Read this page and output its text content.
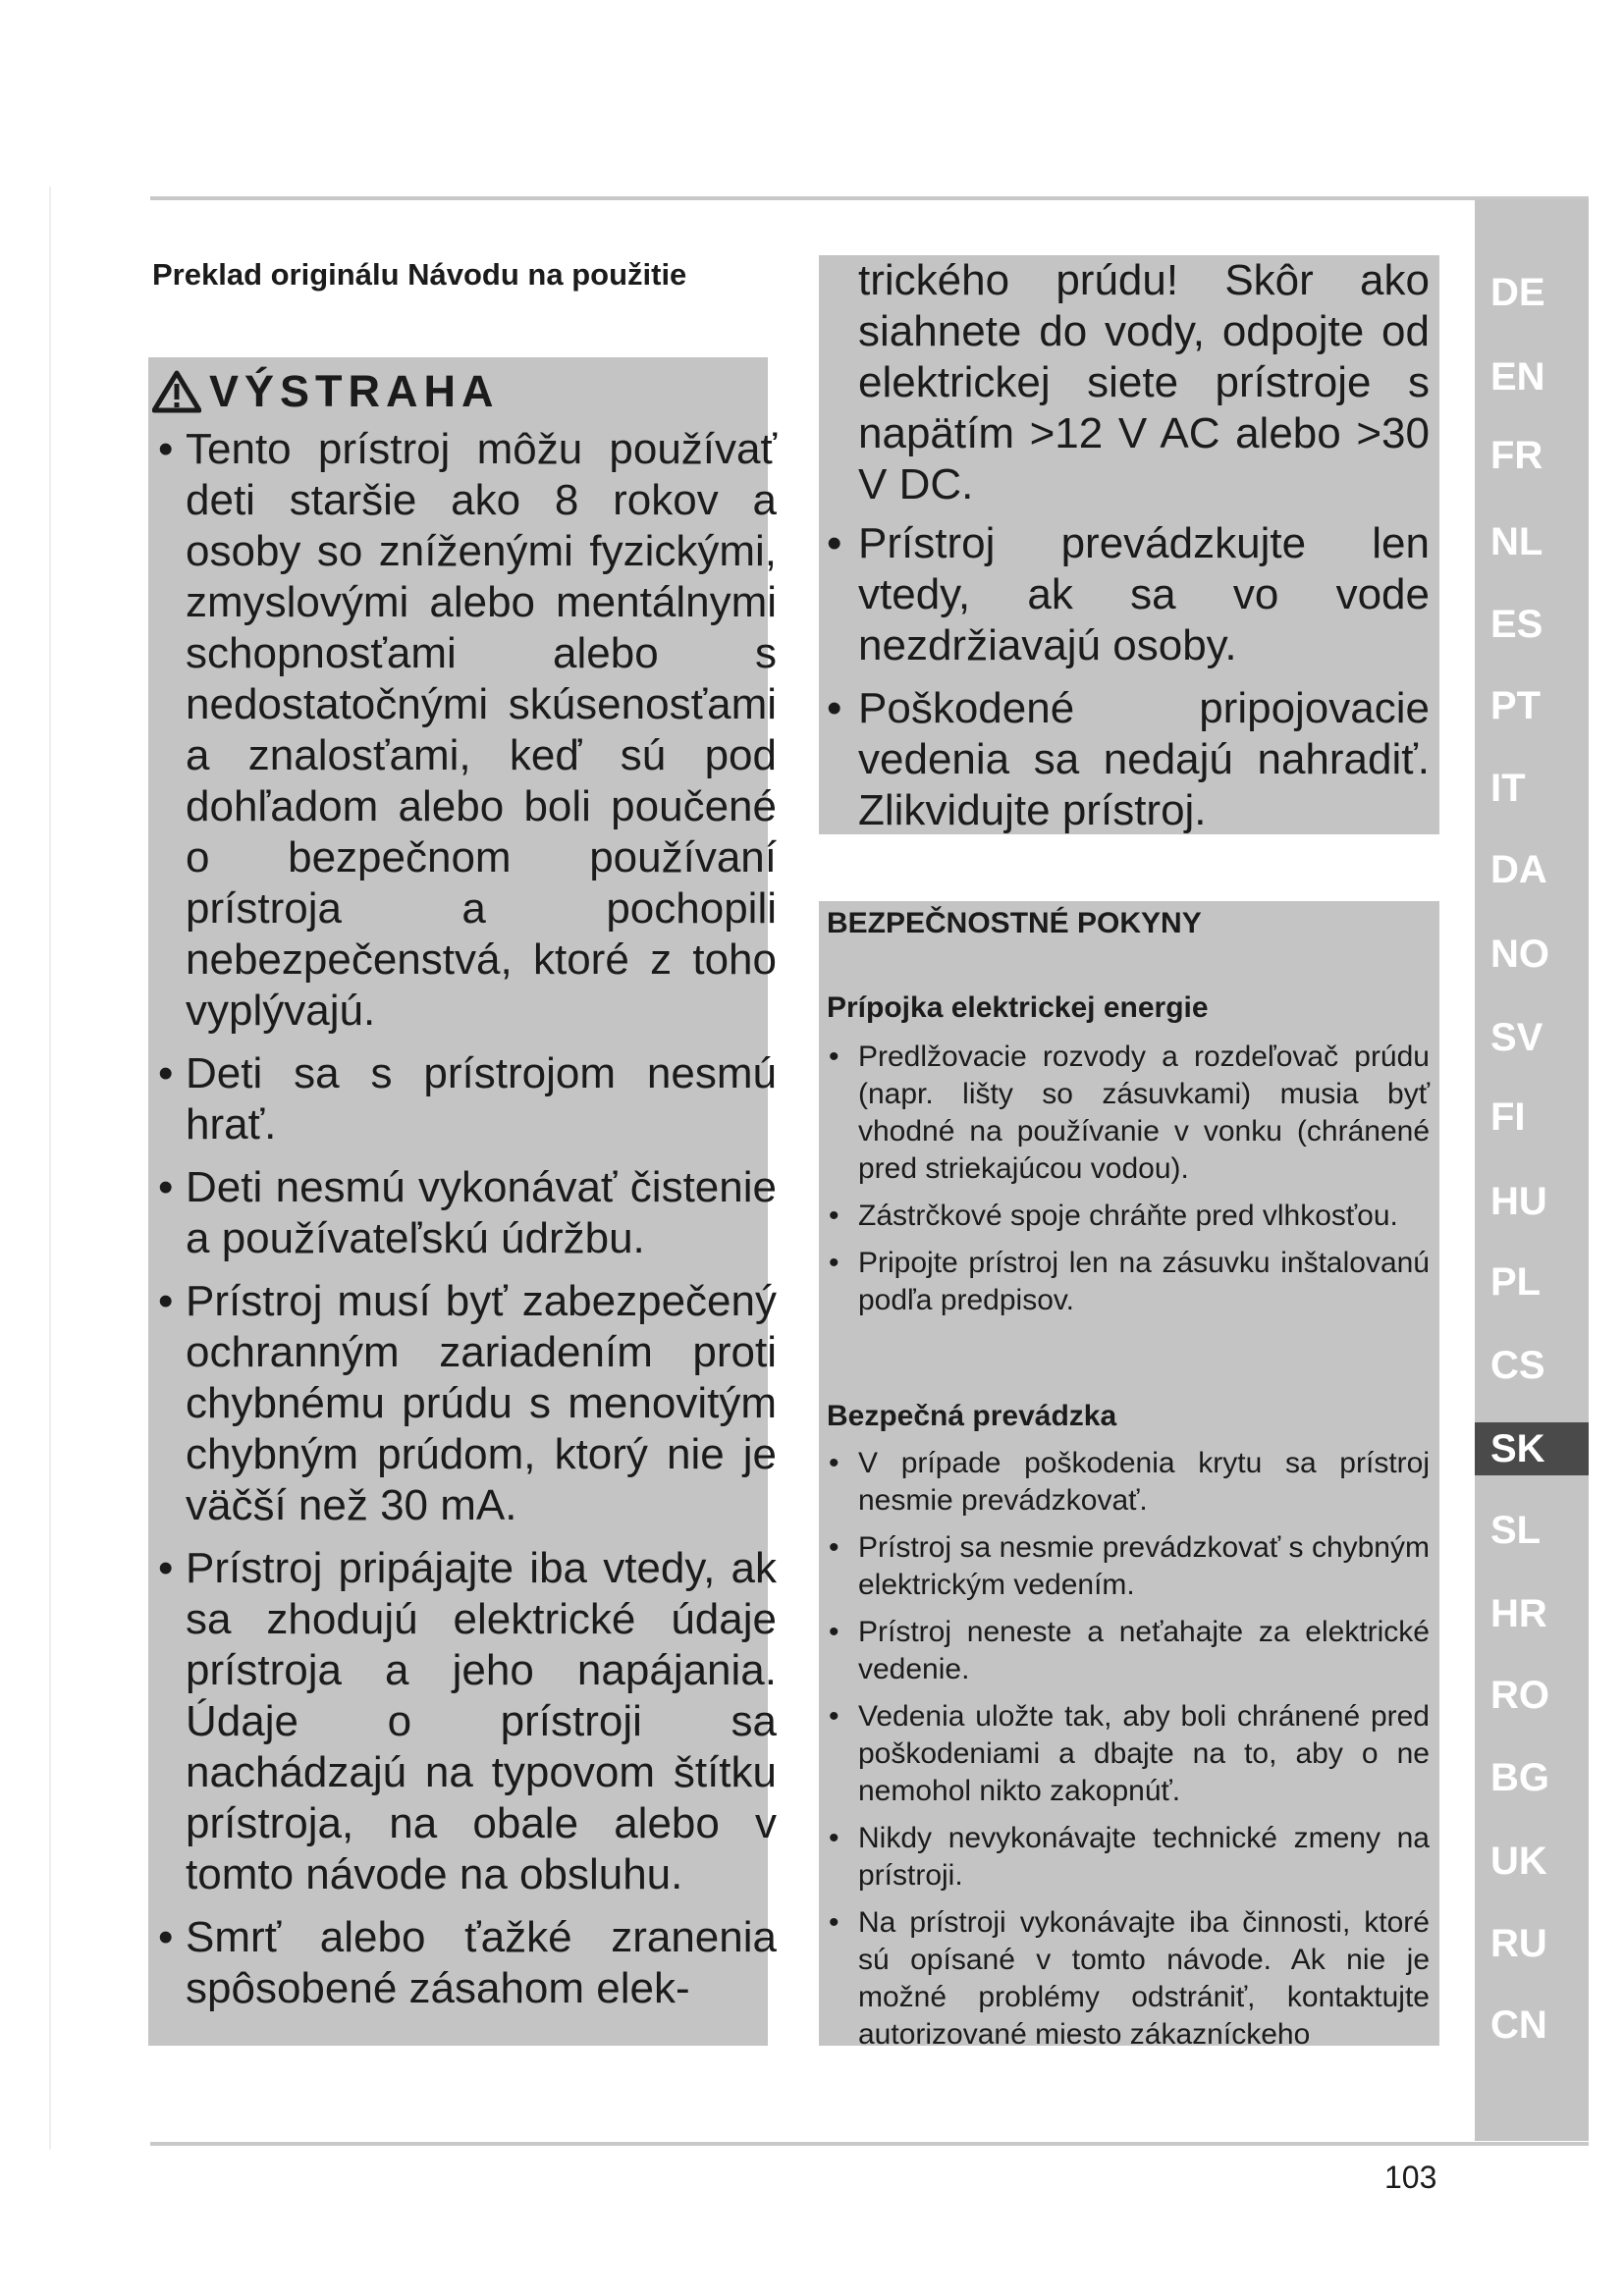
Preklad originálu Návodu na použitie
VÝSTRAHA
• Tento prístroj môžu používať deti staršie ako 8 rokov a osoby so zníženými fyzickými, zmyslovými alebo mentálnymi schopnosťami alebo s nedostatočnými skúsenosťami a znalosťami, keď sú pod dohľadom alebo boli poučené o bezpečnom používaní prístroja a pochopili nebezpečenstvá, ktoré z toho vyplývajú.
• Deti sa s prístrojom nesmú hrať.
• Deti nesmú vykonávať čistenie a používateľskú údržbu.
• Prístroj musí byť zabezpečený ochranným zariadením proti chybnému prúdu s menovitým chybným prúdom, ktorý nie je väčší než 30 mA.
• Prístroj pripájajte iba vtedy, ak sa zhodujú elektrické údaje prístroja a jeho napájania. Údaje o prístroji sa nachádzajú na typovom štítku prístroja, na obale alebo v tomto návode na obsluhu.
• Smrť alebo ťažké zranenia spôsobené zásahom elek-
trického prúdu! Skôr ako siahnete do vody, odpojte od elektrickej siete prístroje s napätím >12 V AC alebo >30 V DC.
• Prístroj prevádzkujte len vtedy, ak sa vo vode nezdržiavajú osoby.
• Poškodené pripojovacie vedenia sa nedajú nahradiť. Zlikvidujte prístroj.
BEZPEČNOSTNÉ POKYNY
Prípojka elektrickej energie
• Predlžovacie rozvody a rozdeľovač prúdu (napr. lišty so zásuvkami) musia byť vhodné na používanie v vonku (chránené pred striekajúcou vodou).
• Zástrčkové spoje chráňte pred vlhkosťou.
• Pripojte prístroj len na zásuvku inštalovanú podľa predpisov.
Bezpečná prevádzka
• V prípade poškodenia krytu sa prístroj nesmie prevádzkovať.
• Prístroj sa nesmie prevádzkovať s chybným elektrickým vedením.
• Prístroj neneste a neťahajte za elektrické vedenie.
• Vedenia uložte tak, aby boli chránené pred poškodeniami a dbajte na to, aby o ne nemohol nikto zakopnúť.
• Nikdy nevykonávajte technické zmeny na prístroji.
• Na prístroji vykonávajte iba činnosti, ktoré sú opísané v tomto návode. Ak nie je možné problémy odstrániť, kontaktujte autorizované miesto zákazníckeho
DE
EN
FR
NL
ES
PT
IT
DA
NO
SV
FI
HU
PL
CS
SK
SL
HR
RO
BG
UK
RU
CN
103
